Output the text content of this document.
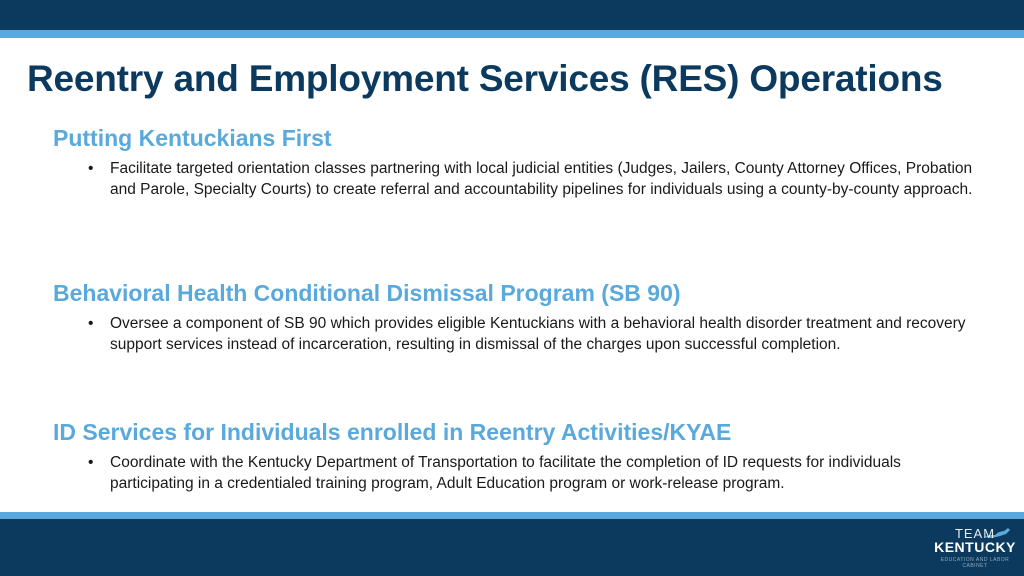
Reentry and Employment Services (RES) Operations
Putting Kentuckians First
• Facilitate targeted orientation classes partnering with local judicial entities (Judges, Jailers, County Attorney Offices, Probation and Parole, Specialty Courts) to create referral and accountability pipelines for individuals using a county-by-county approach.
Behavioral Health Conditional Dismissal Program (SB 90)
• Oversee a component of SB 90 which provides eligible Kentuckians with a behavioral health disorder treatment and recovery support services instead of incarceration, resulting in dismissal of the charges upon successful completion.
ID Services for Individuals enrolled in Reentry Activities/KYAE
• Coordinate with the Kentucky Department of Transportation to facilitate the completion of ID requests for individuals participating in a credentialed training program, Adult Education program or work-release program.
TEAM
KENTUCKY
EDUCATION AND LABOR CABINET
